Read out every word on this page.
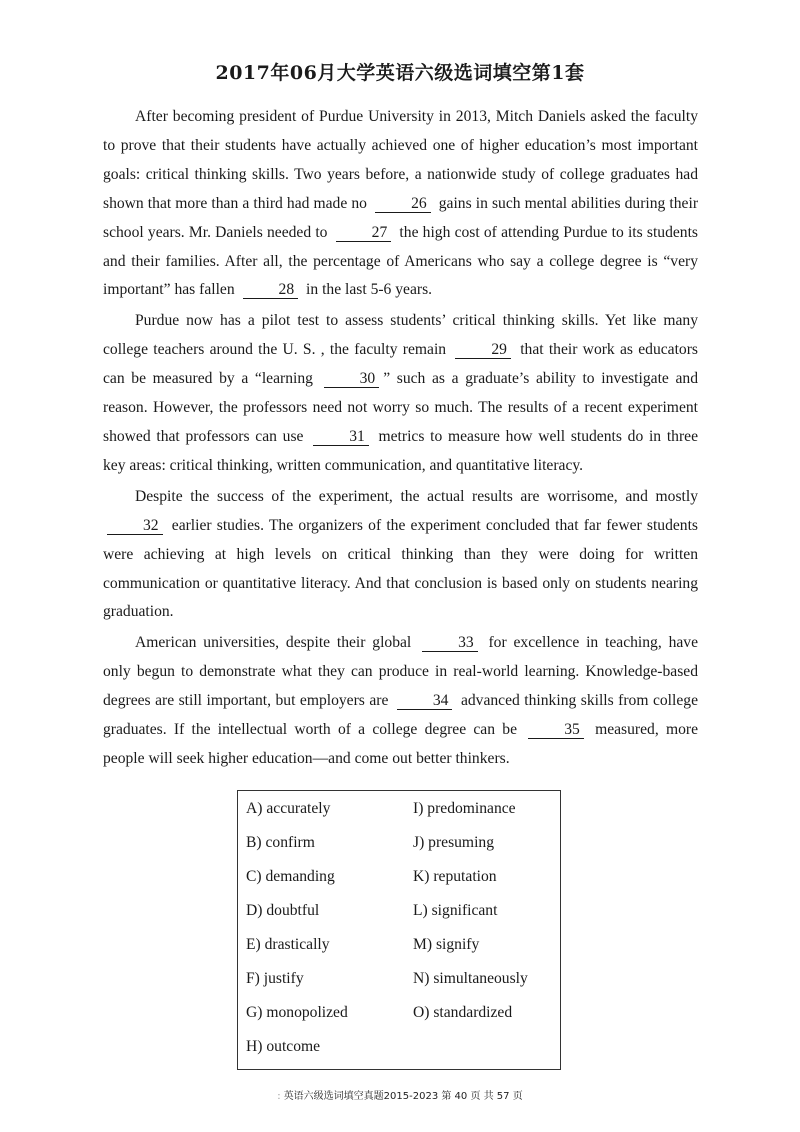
2017年06月大学英语六级选词填空第1套

After becoming president of Purdue University in 2013, Mitch Daniels asked the faculty to prove that their students have actually achieved one of higher education’s most important goals: critical thinking skills. Two years before, a nationwide study of college graduates had shown that more than a third had made no	26 gains in such mental abilities during their school years. Mr. Daniels needed to	27 the high cost of attending Purdue to its students and their families. After all, the percentage of Americans who say a college degree is “very important” has fallen	28 in the last 5-6 years.

Purdue now has a pilot test to assess students’ critical thinking skills. Yet like many college teachers around the U. S. , the faculty remain	29 that their work as educators can be measured by a “learning	30 ” such as a graduate’s ability to investigate and reason. However, the professors need not worry so much. The results of a recent experiment showed that professors can use	31 metrics to measure how well students do in three key areas: critical thinking, written communication, and quantitative literacy.

Despite the success of the experiment, the actual results are worrisome, and mostly 32 earlier studies. The organizers of the experiment concluded that far fewer students were achieving at high levels on critical thinking than they were doing for written communication or quantitative literacy. And that conclusion is based only on students nearing graduation.

American universities, despite their global	33 for excellence in teaching, have only begun to demonstrate what they can produce in real-world learning. Knowledge-based degrees are still important, but employers are	34 advanced thinking skills from college graduates. If the intellectual worth of a college degree can be	35 measured, more people will seek higher education—and come out better thinkers.

A) accurately	I) predominance
B) confirm	J) presuming
C) demanding	K) reputation
D) doubtful	L) significant
E) drastically	M) signify
F) justify	N) simultaneously
G) monopolized	O) standardized
H) outcome
: 英语六级选词填空真题2015-2023 第 40 页 共 57 页
